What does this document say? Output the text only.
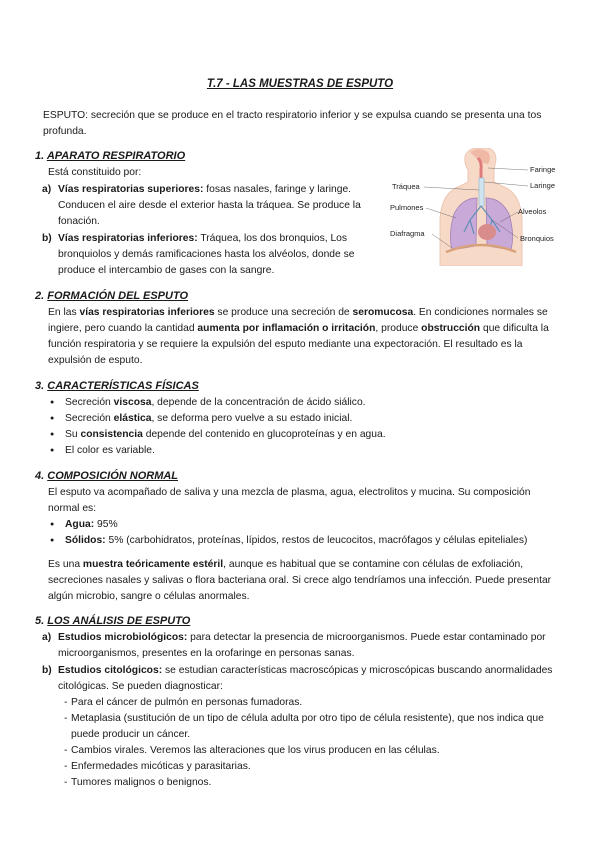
T.7 - LAS MUESTRAS DE ESPUTO
ESPUTO: secreción que se produce en el tracto respiratorio inferior y se expulsa cuando se presenta una tos profunda.
1. APARATO RESPIRATORIO
Está constituido por:
a) Vías respiratorias superiores: fosas nasales, faringe y laringe.
Conducen el aire desde el exterior hasta la tráquea. Se produce la
fonación.
b) Vías respiratorias inferiores: Tráquea, los dos bronquios, Los
bronquiolos y demás ramificaciones hasta los alvéolos, donde se
produce el intercambio de gases con la sangre.
Faringe
Laringe
Tráquea
Alveolos
Pulmones
Diafragma
Bronquios
2. FORMACIÓN DEL ESPUTO
En las vías respiratorias inferiores se produce una secreción de seromucosa. En condiciones normales se
ingiere, pero cuando la cantidad aumenta por inflamación o irritación, produce obstrucción que dificulta la
función respiratoria y se requiere la expulsión del esputo mediante una expectoración. El resultado es la
expulsión de esputo.
3. CARACTERÍSTICAS FÍSICAS
● Secreción viscosa, depende de la concentración de ácido siálico.
● Secreción elástica, se deforma pero vuelve a su estado inicial.
● Su consistencia depende del contenido en glucoproteínas y en agua.
● El color es variable.
4. COMPOSICIÓN NORMAL
El esputo va acompañado de saliva y una mezcla de plasma, agua, electrolitos y mucina. Su composición
normal es:
● Agua: 95%
● Sólidos: 5% (carbohidratos, proteínas, lípidos, restos de leucocitos, macrófagos y células epiteliales)
Es una muestra teóricamente estéril, aunque es habitual que se contamine con células de exfoliación,
secreciones nasales y salivas o flora bacteriana oral. Si crece algo tendríamos una infección. Puede presentar
algún microbio, sangre o células anormales.
5. LOS ANÁLISIS DE ESPUTO
a) Estudios microbiológicos: para detectar la presencia de microorganismos. Puede estar contaminado por
microorganismos, presentes en la orofaringe en personas sanas.
b) Estudios citológicos: se estudian características macroscópicas y microscópicas buscando anormalidades
citológicas. Se pueden diagnosticar:
- Para el cáncer de pulmón en personas fumadoras.
- Metaplasia (sustitución de un tipo de célula adulta por otro tipo de célula resistente), que nos indica que
puede producir un cáncer.
- Cambios virales. Veremos las alteraciones que los virus producen en las células.
- Enfermedades micóticas y parasitarias.
- Tumores malignos o benignos.
